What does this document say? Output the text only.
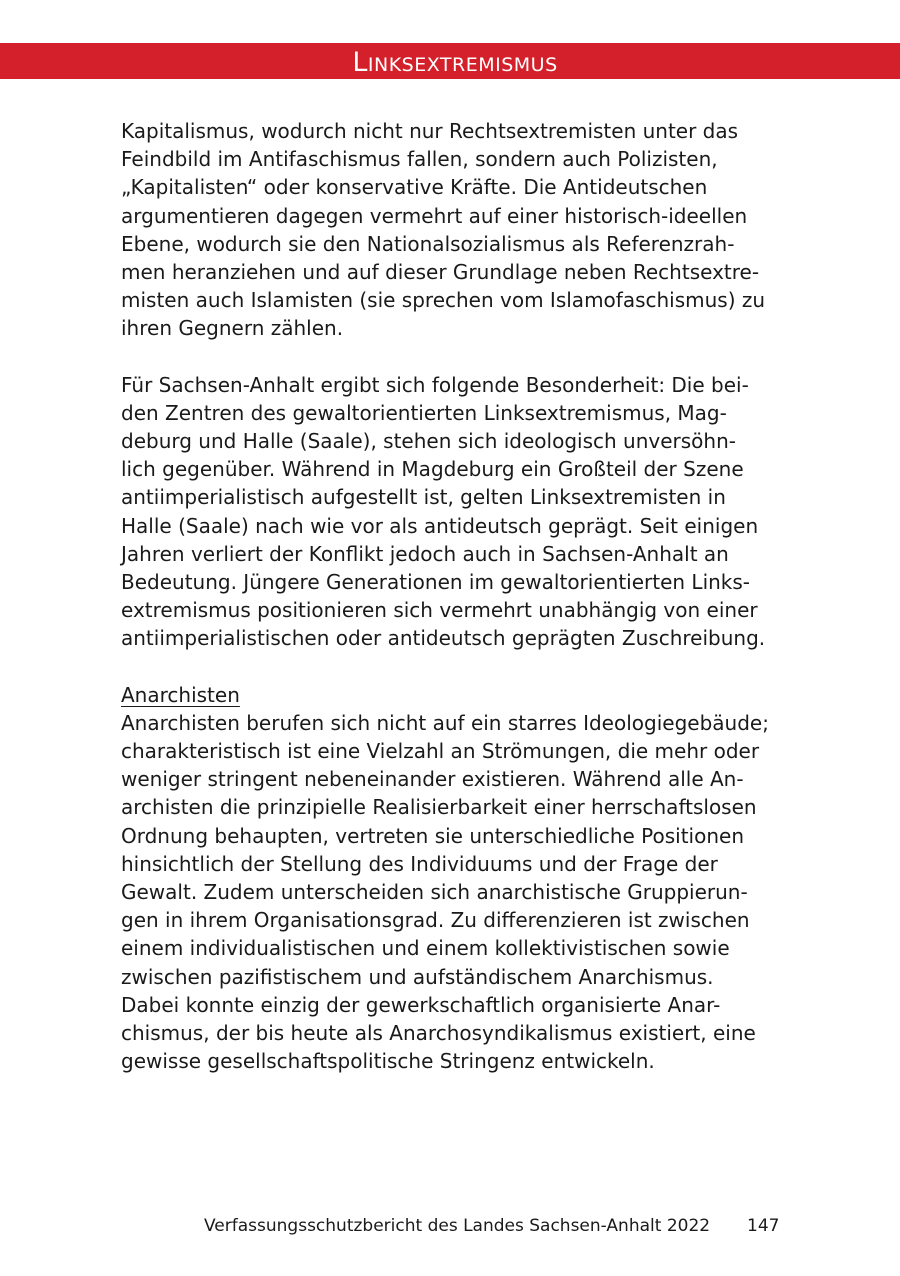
Linksextremismus

Kapitalismus, wodurch nicht nur Rechtsextremisten unter das
Feindbild im Antifaschismus fallen, sondern auch Polizisten,
„Kapitalisten“ oder konservative Kräfte. Die Antideutschen
argumentieren dagegen vermehrt auf einer historisch-ideellen
Ebene, wodurch sie den Nationalsozialismus als Referenzrah-
men heranziehen und auf dieser Grundlage neben Rechtsextre-
misten auch Islamisten (sie sprechen vom Islamofaschismus) zu
ihren Gegnern zählen.

Für Sachsen-Anhalt ergibt sich folgende Besonderheit: Die bei-
den Zentren des gewaltorientierten Linksextremismus, Mag-
deburg und Halle (Saale), stehen sich ideologisch unversöhn-
lich gegenüber. Während in Magdeburg ein Großteil der Szene
antiimperialistisch aufgestellt ist, gelten Linksextremisten in
Halle (Saale) nach wie vor als antideutsch geprägt. Seit einigen
Jahren verliert der Konflikt jedoch auch in Sachsen-Anhalt an
Bedeutung. Jüngere Generationen im gewaltorientierten Links-
extremismus positionieren sich vermehrt unabhängig von einer
antiimperialistischen oder antideutsch geprägten Zuschreibung.

Anarchisten
Anarchisten berufen sich nicht auf ein starres Ideologiegebäude;
charakteristisch ist eine Vielzahl an Strömungen, die mehr oder
weniger stringent nebeneinander existieren. Während alle An-
archisten die prinzipielle Realisierbarkeit einer herrschaftslosen
Ordnung behaupten, vertreten sie unterschiedliche Positionen
hinsichtlich der Stellung des Individuums und der Frage der
Gewalt. Zudem unterscheiden sich anarchistische Gruppierun-
gen in ihrem Organisationsgrad. Zu differenzieren ist zwischen
einem individualistischen und einem kollektivistischen sowie
zwischen pazifistischem und aufständischem Anarchismus.
Dabei konnte einzig der gewerkschaftlich organisierte Anar-
chismus, der bis heute als Anarchosyndikalismus existiert, eine
gewisse gesellschaftspolitische Stringenz entwickeln.

Verfassungsschutzbericht des Landes Sachsen-Anhalt 2022 147
